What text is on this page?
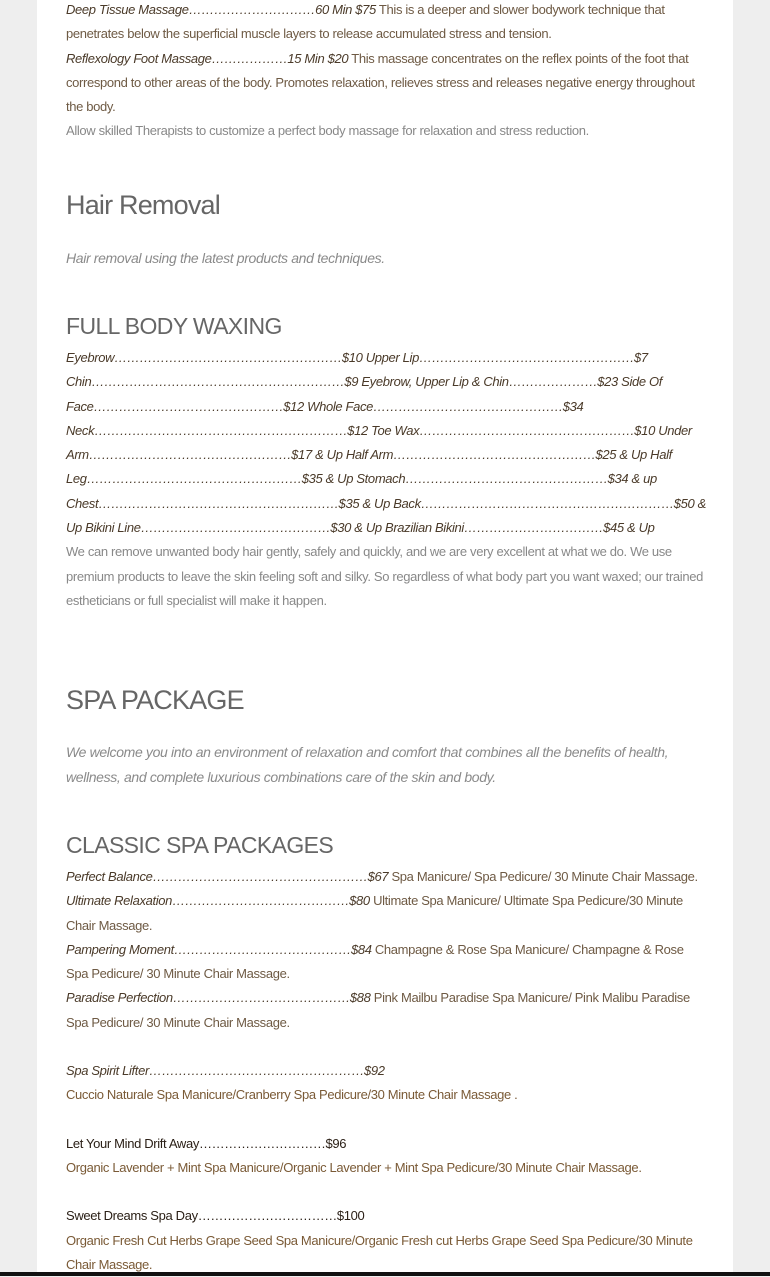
Deep Tissue Massage…………………………60 Min $75 This is a deeper and slower bodywork technique that penetrates below the superficial muscle layers to release accumulated stress and tension.

Reflexology Foot Massage………………15 Min $20 This massage concentrates on the reflex points of the foot that correspond to other areas of the body. Promotes relaxation, relieves stress and releases negative energy throughout the body.

Allow skilled Therapists to customize a perfect body massage for relaxation and stress reduction.

Hair Removal

Hair removal using the latest products and techniques.

FULL BODY WAXING

Eyebrow………………………………………………$10 Upper Lip……………………………………………$7 Chin……………………………………………………$9 Eyebrow, Upper Lip & Chin…………………$23 Side Of Face………………………………………$12 Whole Face………………………………………$34 Neck……………………………………………………$12 Toe Wax……………………………………………$10 Under Arm…………………………………………$17 & Up Half Arm…………………………………………$25 & Up Half Leg……………………………………………$35 & Up Stomach…………………………………………$34 & up Chest…………………………………………………$35 & Up Back……………………………………………………$50 & Up Bikini Line………………………………………$30 & Up Brazilian Bikini……………………………$45 & Up

We can remove unwanted body hair gently, safely and quickly, and we are very excellent at what we do. We use premium products to leave the skin feeling soft and silky. So regardless of what body part you want waxed; our trained estheticians or full specialist will make it happen.

SPA PACKAGE

We welcome you into an environment of relaxation and comfort that combines all the benefits of health, wellness, and complete luxurious combinations care of the skin and body.

CLASSIC SPA PACKAGES

Perfect Balance……………………………………………$67 Spa Manicure/ Spa Pedicure/ 30 Minute Chair Massage.

Ultimate Relaxation……………………………………$80 Ultimate Spa Manicure/ Ultimate Spa Pedicure/30 Minute Chair Massage.

Pampering Moment……………………………………$84 Champagne & Rose Spa Manicure/ Champagne & Rose Spa Pedicure/ 30 Minute Chair Massage.

Paradise Perfection……………………………………$88 Pink Mailbu Paradise Spa Manicure/ Pink Malibu Paradise Spa Pedicure/ 30 Minute Chair Massage.

Spa Spirit Lifter……………………………………………$92

Cuccio Naturale Spa Manicure/Cranberry Spa Pedicure/30 Minute Chair Massage .

Let Your Mind Drift Away…………………………$96

Organic Lavender + Mint Spa Manicure/Organic Lavender + Mint Spa Pedicure/30 Minute Chair Massage.

Sweet Dreams Spa Day……………………………$100

Organic Fresh Cut Herbs Grape Seed Spa Manicure/Organic Fresh cut Herbs Grape Seed Spa Pedicure/30 Minute Chair Massage.
